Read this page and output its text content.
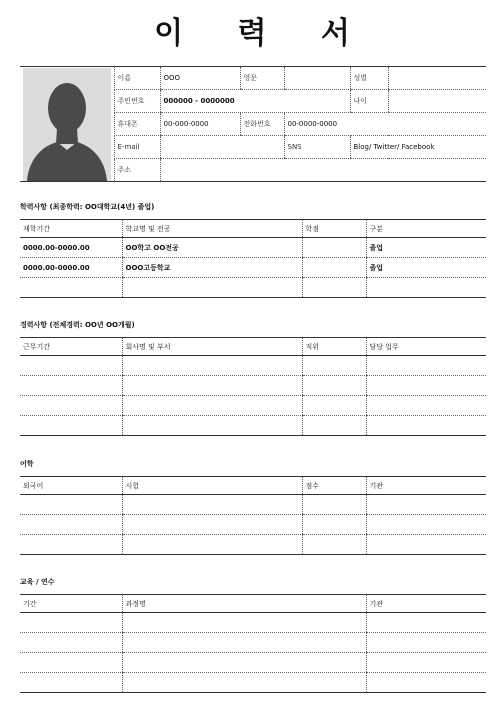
이 력 서
	이름	OOO	영문		성별	
	주민번호	000000 - 0000000			나이	
	휴대폰	00-000-0000	전화번호	00-0000-0000		
	E-mail			SNS	Blog/ Twitter/ Facebook	
	주소					
학력사항 (최종학력: OO대학교(4년) 졸업)
재학기간	학교명 및 전공	학점	구분
0000.00-0000.00	OO학고 OO전공		졸업
0000.00-0000.00	OOO고등학교		졸업

경력사항 (전체경력: OO년 OO개월)
근무기간	회사명 및 부서	직위	담당 업무

어학
외국어	시험	점수	기관

교육 / 연수
기간	과정명	기관
